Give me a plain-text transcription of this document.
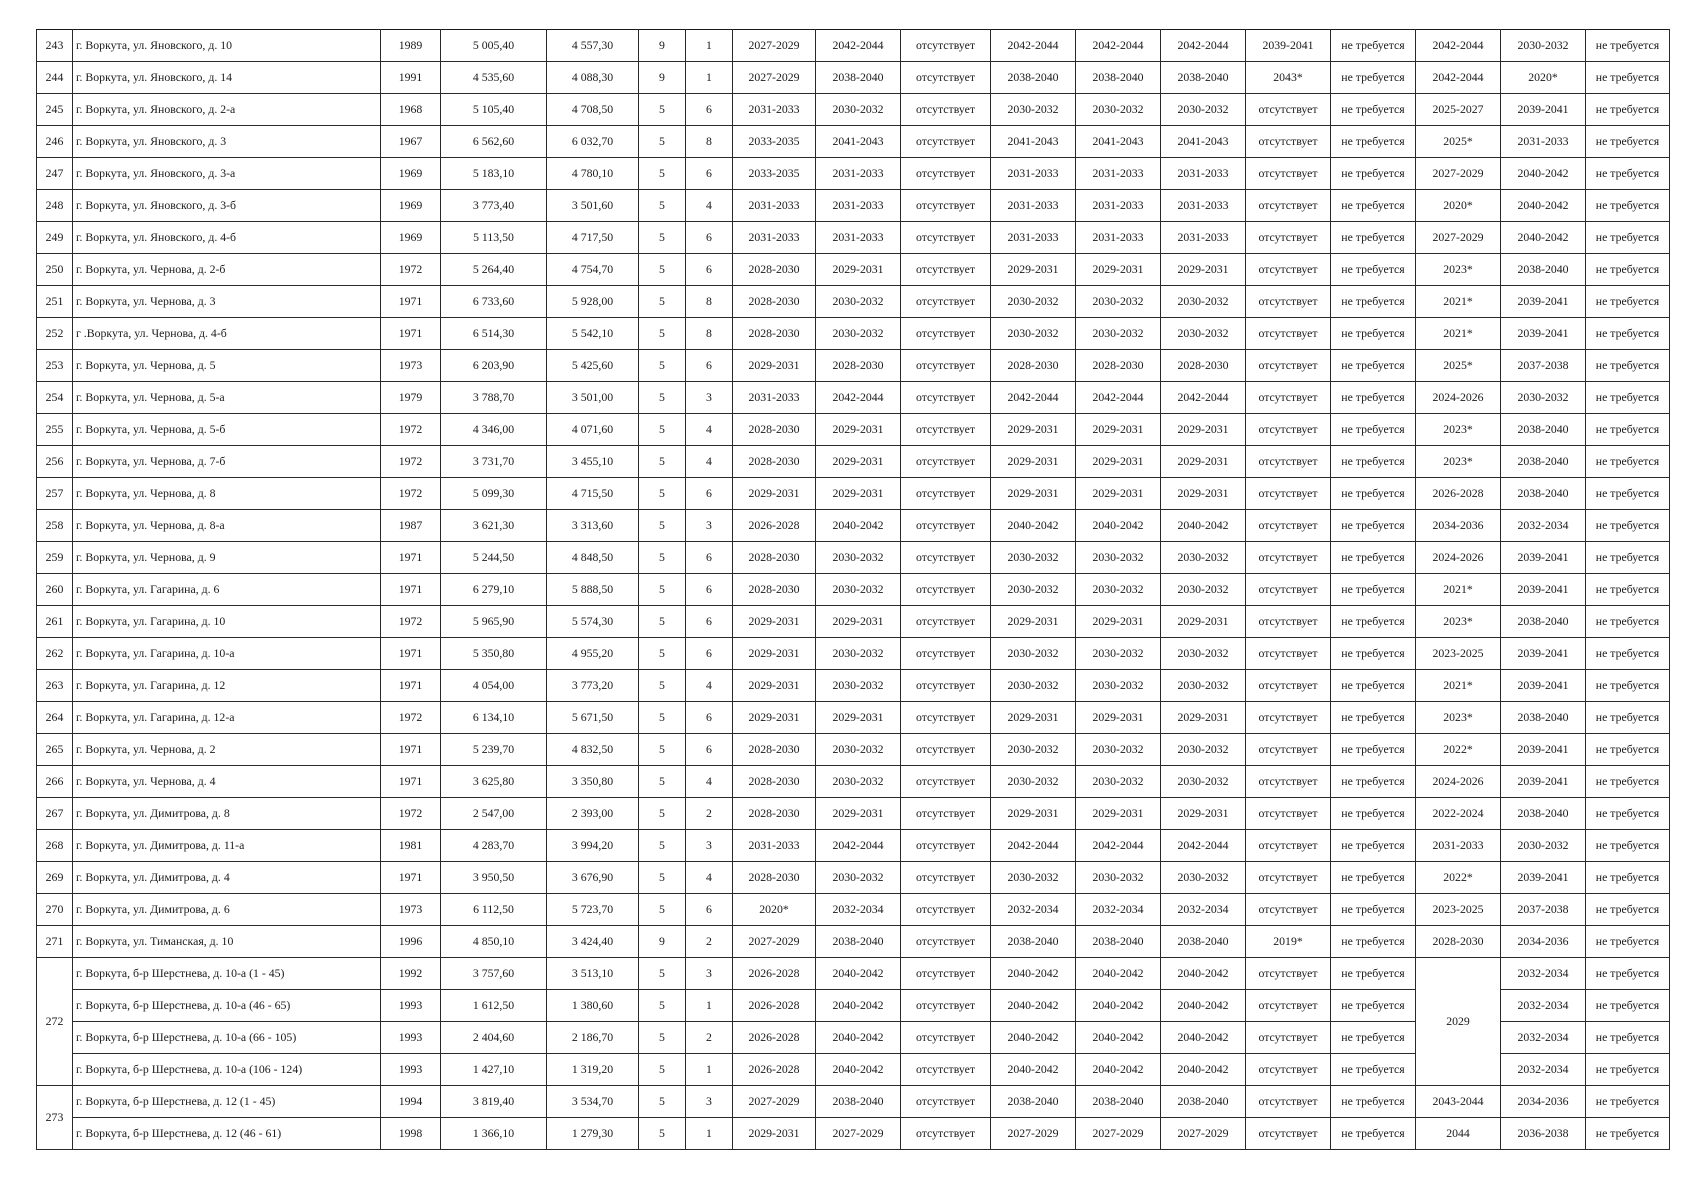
243	г. Воркута, ул. Яновского, д. 10	1989	5 005,40	4 557,30	9	1	2027-2029	2042-2044	отсутствует	2042-2044	2042-2044	2042-2044	2039-2041	не требуется	2042-2044	2030-2032	не требуется
244	г. Воркута, ул. Яновского, д. 14	1991	4 535,60	4 088,30	9	1	2027-2029	2038-2040	отсутствует	2038-2040	2038-2040	2038-2040	2043*	не требуется	2042-2044	2020*	не требуется
245	г. Воркута, ул. Яновского, д. 2-а	1968	5 105,40	4 708,50	5	6	2031-2033	2030-2032	отсутствует	2030-2032	2030-2032	2030-2032	отсутствует	не требуется	2025-2027	2039-2041	не требуется
246	г. Воркута, ул. Яновского, д. 3	1967	6 562,60	6 032,70	5	8	2033-2035	2041-2043	отсутствует	2041-2043	2041-2043	2041-2043	отсутствует	не требуется	2025*	2031-2033	не требуется
247	г. Воркута, ул. Яновского, д. 3-а	1969	5 183,10	4 780,10	5	6	2033-2035	2031-2033	отсутствует	2031-2033	2031-2033	2031-2033	отсутствует	не требуется	2027-2029	2040-2042	не требуется
248	г. Воркута, ул. Яновского, д. 3-б	1969	3 773,40	3 501,60	5	4	2031-2033	2031-2033	отсутствует	2031-2033	2031-2033	2031-2033	отсутствует	не требуется	2020*	2040-2042	не требуется
249	г. Воркута, ул. Яновского, д. 4-б	1969	5 113,50	4 717,50	5	6	2031-2033	2031-2033	отсутствует	2031-2033	2031-2033	2031-2033	отсутствует	не требуется	2027-2029	2040-2042	не требуется
250	г. Воркута, ул. Чернова, д. 2-б	1972	5 264,40	4 754,70	5	6	2028-2030	2029-2031	отсутствует	2029-2031	2029-2031	2029-2031	отсутствует	не требуется	2023*	2038-2040	не требуется
251	г. Воркута, ул. Чернова, д. 3	1971	6 733,60	5 928,00	5	8	2028-2030	2030-2032	отсутствует	2030-2032	2030-2032	2030-2032	отсутствует	не требуется	2021*	2039-2041	не требуется
252	г .Воркута, ул. Чернова, д. 4-б	1971	6 514,30	5 542,10	5	8	2028-2030	2030-2032	отсутствует	2030-2032	2030-2032	2030-2032	отсутствует	не требуется	2021*	2039-2041	не требуется
253	г. Воркута, ул. Чернова, д. 5	1973	6 203,90	5 425,60	5	6	2029-2031	2028-2030	отсутствует	2028-2030	2028-2030	2028-2030	отсутствует	не требуется	2025*	2037-2038	не требуется
254	г. Воркута, ул. Чернова, д. 5-а	1979	3 788,70	3 501,00	5	3	2031-2033	2042-2044	отсутствует	2042-2044	2042-2044	2042-2044	отсутствует	не требуется	2024-2026	2030-2032	не требуется
255	г. Воркута, ул. Чернова, д. 5-б	1972	4 346,00	4 071,60	5	4	2028-2030	2029-2031	отсутствует	2029-2031	2029-2031	2029-2031	отсутствует	не требуется	2023*	2038-2040	не требуется
256	г. Воркута, ул. Чернова, д. 7-б	1972	3 731,70	3 455,10	5	4	2028-2030	2029-2031	отсутствует	2029-2031	2029-2031	2029-2031	отсутствует	не требуется	2023*	2038-2040	не требуется
257	г. Воркута, ул. Чернова, д. 8	1972	5 099,30	4 715,50	5	6	2029-2031	2029-2031	отсутствует	2029-2031	2029-2031	2029-2031	отсутствует	не требуется	2026-2028	2038-2040	не требуется
258	г. Воркута, ул. Чернова, д. 8-а	1987	3 621,30	3 313,60	5	3	2026-2028	2040-2042	отсутствует	2040-2042	2040-2042	2040-2042	отсутствует	не требуется	2034-2036	2032-2034	не требуется
259	г. Воркута, ул. Чернова, д. 9	1971	5 244,50	4 848,50	5	6	2028-2030	2030-2032	отсутствует	2030-2032	2030-2032	2030-2032	отсутствует	не требуется	2024-2026	2039-2041	не требуется
260	г. Воркута, ул. Гагарина, д. 6	1971	6 279,10	5 888,50	5	6	2028-2030	2030-2032	отсутствует	2030-2032	2030-2032	2030-2032	отсутствует	не требуется	2021*	2039-2041	не требуется
261	г. Воркута, ул. Гагарина, д. 10	1972	5 965,90	5 574,30	5	6	2029-2031	2029-2031	отсутствует	2029-2031	2029-2031	2029-2031	отсутствует	не требуется	2023*	2038-2040	не требуется
262	г. Воркута, ул. Гагарина, д. 10-а	1971	5 350,80	4 955,20	5	6	2029-2031	2030-2032	отсутствует	2030-2032	2030-2032	2030-2032	отсутствует	не требуется	2023-2025	2039-2041	не требуется
263	г. Воркута, ул. Гагарина, д. 12	1971	4 054,00	3 773,20	5	4	2029-2031	2030-2032	отсутствует	2030-2032	2030-2032	2030-2032	отсутствует	не требуется	2021*	2039-2041	не требуется
264	г. Воркута, ул. Гагарина, д. 12-а	1972	6 134,10	5 671,50	5	6	2029-2031	2029-2031	отсутствует	2029-2031	2029-2031	2029-2031	отсутствует	не требуется	2023*	2038-2040	не требуется
265	г. Воркута, ул. Чернова, д. 2	1971	5 239,70	4 832,50	5	6	2028-2030	2030-2032	отсутствует	2030-2032	2030-2032	2030-2032	отсутствует	не требуется	2022*	2039-2041	не требуется
266	г. Воркута, ул. Чернова, д. 4	1971	3 625,80	3 350,80	5	4	2028-2030	2030-2032	отсутствует	2030-2032	2030-2032	2030-2032	отсутствует	не требуется	2024-2026	2039-2041	не требуется
267	г. Воркута, ул. Димитрова, д. 8	1972	2 547,00	2 393,00	5	2	2028-2030	2029-2031	отсутствует	2029-2031	2029-2031	2029-2031	отсутствует	не требуется	2022-2024	2038-2040	не требуется
268	г. Воркута, ул. Димитрова, д. 11-а	1981	4 283,70	3 994,20	5	3	2031-2033	2042-2044	отсутствует	2042-2044	2042-2044	2042-2044	отсутствует	не требуется	2031-2033	2030-2032	не требуется
269	г. Воркута, ул. Димитрова, д. 4	1971	3 950,50	3 676,90	5	4	2028-2030	2030-2032	отсутствует	2030-2032	2030-2032	2030-2032	отсутствует	не требуется	2022*	2039-2041	не требуется
270	г. Воркута, ул. Димитрова, д. 6	1973	6 112,50	5 723,70	5	6	2020*	2032-2034	отсутствует	2032-2034	2032-2034	2032-2034	отсутствует	не требуется	2023-2025	2037-2038	не требуется
271	г. Воркута, ул. Тиманская, д. 10	1996	4 850,10	3 424,40	9	2	2027-2029	2038-2040	отсутствует	2038-2040	2038-2040	2038-2040	2019*	не требуется	2028-2030	2034-2036	не требуется
272	г. Воркута, б-р Шерстнева, д. 10-а (1 - 45)	1992	3 757,60	3 513,10	5	3	2026-2028	2040-2042	отсутствует	2040-2042	2040-2042	2040-2042	отсутствует	не требуется	2029	2032-2034	не требуется
	г. Воркута, б-р Шерстнева, д. 10-а (46 - 65)	1993	1 612,50	1 380,60	5	1	2026-2028	2040-2042	отсутствует	2040-2042	2040-2042	2040-2042	отсутствует	не требуется		2032-2034	не требуется
	г. Воркута, б-р Шерстнева, д. 10-а (66 - 105)	1993	2 404,60	2 186,70	5	2	2026-2028	2040-2042	отсутствует	2040-2042	2040-2042	2040-2042	отсутствует	не требуется		2032-2034	не требуется
	г. Воркута, б-р Шерстнева, д. 10-а (106 - 124)	1993	1 427,10	1 319,20	5	1	2026-2028	2040-2042	отсутствует	2040-2042	2040-2042	2040-2042	отсутствует	не требуется		2032-2034	не требуется
273	г. Воркута, б-р Шерстнева, д. 12 (1 - 45)	1994	3 819,40	3 534,70	5	3	2027-2029	2038-2040	отсутствует	2038-2040	2038-2040	2038-2040	отсутствует	не требуется	2043-2044	2034-2036	не требуется
	г. Воркута, б-р Шерстнева, д. 12 (46 - 61)	1998	1 366,10	1 279,30	5	1	2029-2031	2027-2029	отсутствует	2027-2029	2027-2029	2027-2029	отсутствует	не требуется	2044	2036-2038	не требуется
